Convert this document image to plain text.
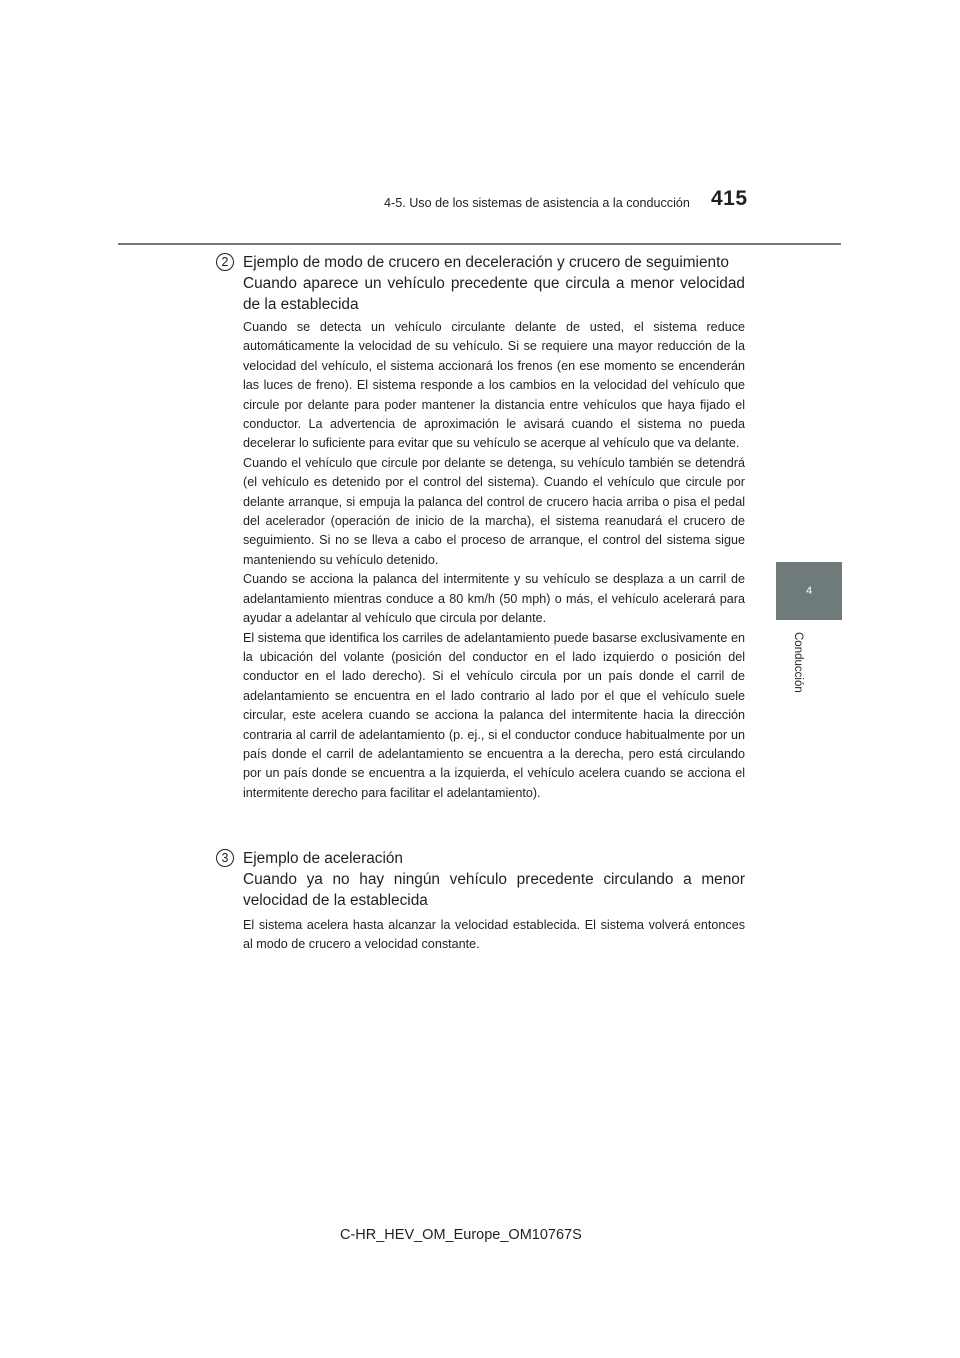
4-5. Uso de los sistemas de asistencia a la conducción 415
4
Conducción
2 Ejemplo de modo de crucero en deceleración y crucero de seguimiento
Cuando aparece un vehículo precedente que circula a menor velocidad de la establecida

Cuando se detecta un vehículo circulante delante de usted, el sistema reduce automáticamente la velocidad de su vehículo. Si se requiere una mayor reducción de la velocidad del vehículo, el sistema accionará los frenos (en ese momento se encenderán las luces de freno). El sistema responde a los cambios en la velocidad del vehículo que circule por delante para poder mantener la distancia entre vehículos que haya fijado el conductor. La advertencia de aproximación le avisará cuando el sistema no pueda decelerar lo suficiente para evitar que su vehículo se acerque al vehículo que va delante.

Cuando el vehículo que circule por delante se detenga, su vehículo también se detendrá (el vehículo es detenido por el control del sistema). Cuando el vehículo que circule por delante arranque, si empuja la palanca del control de crucero hacia arriba o pisa el pedal del acelerador (operación de inicio de la marcha), el sistema reanudará el crucero de seguimiento. Si no se lleva a cabo el proceso de arranque, el control del sistema sigue manteniendo su vehículo detenido.

Cuando se acciona la palanca del intermitente y su vehículo se desplaza a un carril de adelantamiento mientras conduce a 80 km/h (50 mph) o más, el vehículo acelerará para ayudar a adelantar al vehículo que circula por delante.

El sistema que identifica los carriles de adelantamiento puede basarse exclusivamente en la ubicación del volante (posición del conductor en el lado izquierdo o posición del conductor en el lado derecho). Si el vehículo circula por un país donde el carril de adelantamiento se encuentra en el lado contrario al lado por el que el vehículo suele circular, este acelera cuando se acciona la palanca del intermitente hacia la dirección contraria al carril de adelantamiento (p. ej., si el conductor conduce habitualmente por un país donde el carril de adelantamiento se encuentra a la derecha, pero está circulando por un país donde se encuentra a la izquierda, el vehículo acelera cuando se acciona el intermitente derecho para facilitar el adelantamiento).

3 Ejemplo de aceleración
Cuando ya no hay ningún vehículo precedente circulando a menor velocidad de la establecida

El sistema acelera hasta alcanzar la velocidad establecida. El sistema volverá entonces al modo de crucero a velocidad constante.

C-HR_HEV_OM_Europe_OM10767S
